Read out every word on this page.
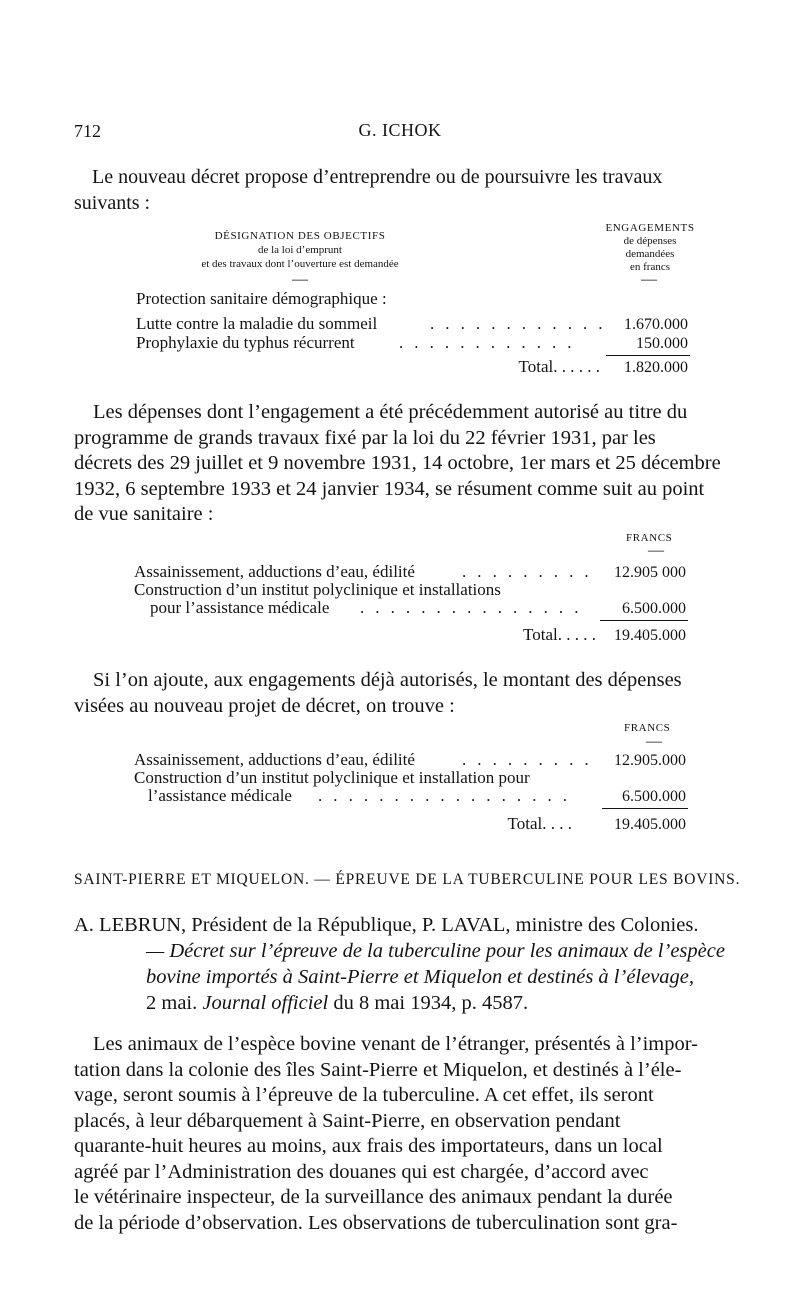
712	G. ICHOK
Le nouveau décret propose d’entreprendre ou de poursuivre les travaux
suivants :
DÉSIGNATION DES OBJECTIFS
de la loi d’emprunt
et des travaux dont l’ouverture est demandée
ENGAGEMENTS
de dépenses
demandées
en francs
—	—
Protection sanitaire démographique :
Lutte contre la maladie du sommeil	. . . . . . . . . . . .	1.670.000
Prophylaxie du typhus récurrent	. . . . . . . . . . . .	150.000
Total. . . . . .	1.820.000
Les dépenses dont l’engagement a été précédemment autorisé au titre du
programme de grands travaux fixé par la loi du 22 février 1931, par les
décrets des 29 juillet et 9 novembre 1931, 14 octobre, 1er mars et 25 décembre
1932, 6 septembre 1933 et 24 janvier 1934, se résument comme suit au point
de vue sanitaire :
FRANCS
—
Assainissement, adductions d’eau, édilité	. . . . . . . . .	12.905 000
Construction d’un institut polyclinique et installations
pour l’assistance médicale . . . . . . . . . . . . . . .	6.500.000
Total. . . . .	19.405.000
Si l’on ajoute, aux engagements déjà autorisés, le montant des dépenses
visées au nouveau projet de décret, on trouve :
FRANCS
—
Assainissement, adductions d’eau, édilité	. . . . . . . . .	12.905.000
Construction d’un institut polyclinique et installation pour
l’assistance médicale . . . . . . . . . . . . . . . . .	6.500.000
Total. . . .	19.405.000
SAINT-PIERRE ET MIQUELON. — ÉPREUVE DE LA TUBERCULINE POUR LES BOVINS.
A. LEBRUN, Président de la République, P. LAVAL, ministre des Colonies.
— Décret sur l’épreuve de la tuberculine pour les animaux de l’espèce
bovine importés à Saint-Pierre et Miquelon et destinés à l’élevage,
2 mai. Journal officiel du 8 mai 1934, p. 4587.
Les animaux de l’espèce bovine venant de l’étranger, présentés à l’impor-
tation dans la colonie des îles Saint-Pierre et Miquelon, et destinés à l’éle-
vage, seront soumis à l’épreuve de la tuberculine. A cet effet, ils seront
placés, à leur débarquement à Saint-Pierre, en observation pendant
quarante-huit heures au moins, aux frais des importateurs, dans un local
agréé par l’Administration des douanes qui est chargée, d’accord avec
le vétérinaire inspecteur, de la surveillance des animaux pendant la durée
de la période d’observation. Les observations de tuberculination sont gra-
